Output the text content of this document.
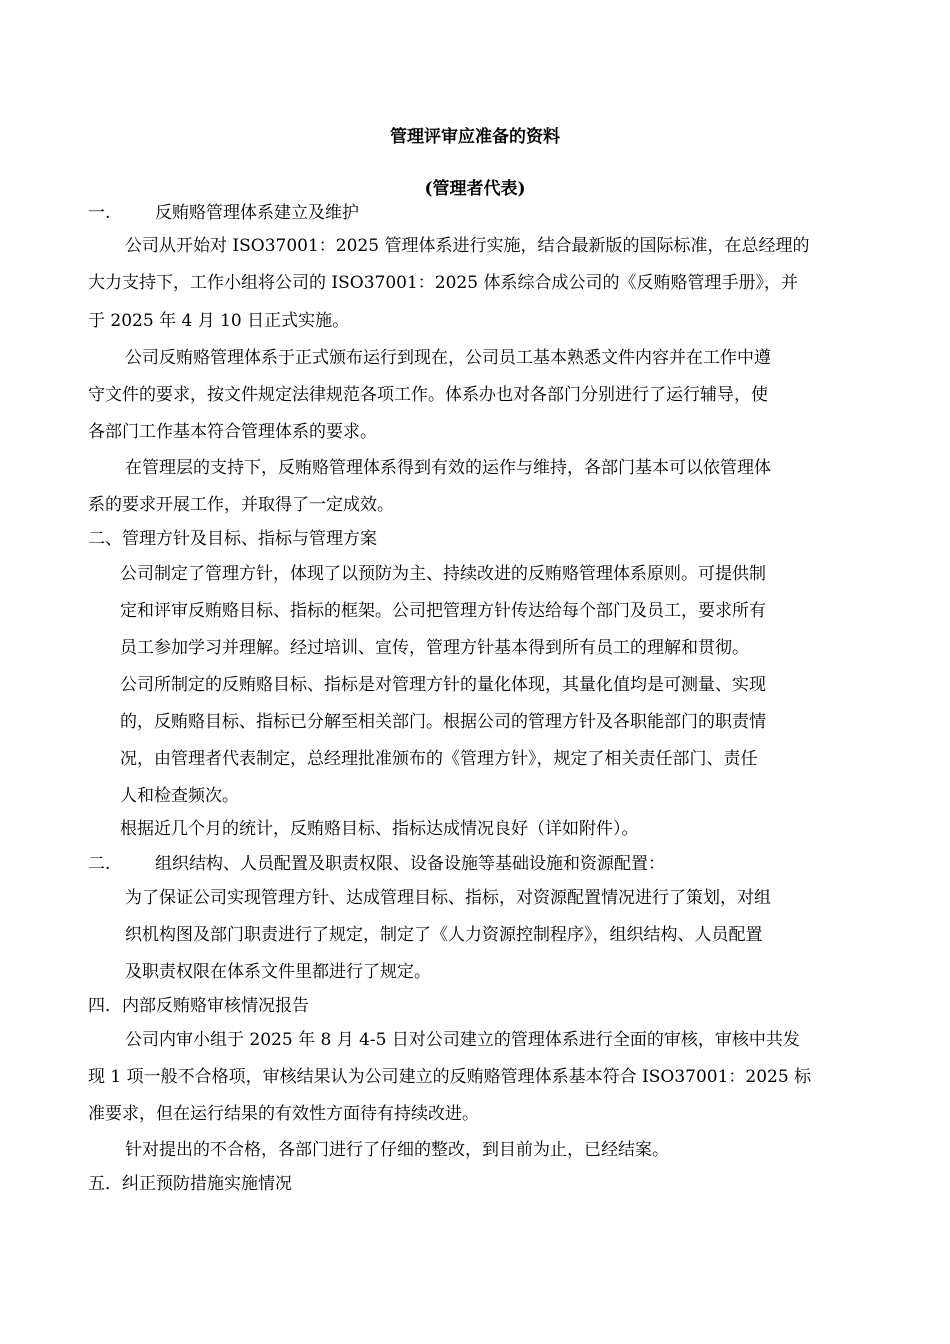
管理评审应准备的资料
(管理者代表)
一.	反贿赂管理体系建立及维护
公司从开始对 ISO37001：2025 管理体系进行实施，结合最新版的国际标准，在总经理的
大力支持下，工作小组将公司的 ISO37001：2025 体系综合成公司的《反贿赂管理手册》，并
于 2025 年 4 月 10 日正式实施。
公司反贿赂管理体系于正式颁布运行到现在，公司员工基本熟悉文件内容并在工作中遵
守文件的要求，按文件规定法律规范各项工作。体系办也对各部门分别进行了运行辅导，使
各部门工作基本符合管理体系的要求。
在管理层的支持下，反贿赂管理体系得到有效的运作与维持，各部门基本可以依管理体
系的要求开展工作，并取得了一定成效。
二、管理方针及目标、指标与管理方案
公司制定了管理方针，体现了以预防为主、持续改进的反贿赂管理体系原则。可提供制
定和评审反贿赂目标、指标的框架。公司把管理方针传达给每个部门及员工，要求所有
员工参加学习并理解。经过培训、宣传，管理方针基本得到所有员工的理解和贯彻。
公司所制定的反贿赂目标、指标是对管理方针的量化体现，其量化值均是可测量、实现
的，反贿赂目标、指标已分解至相关部门。根据公司的管理方针及各职能部门的职责情
况，由管理者代表制定，总经理批准颁布的《管理方针》，规定了相关责任部门、责任
人和检查频次。
根据近几个月的统计，反贿赂目标、指标达成情况良好（详如附件）。
二.	组织结构、人员配置及职责权限、设备设施等基础设施和资源配置：
为了保证公司实现管理方针、达成管理目标、指标，对资源配置情况进行了策划，对组
织机构图及部门职责进行了规定，制定了《人力资源控制程序》，组织结构、人员配置
及职责权限在体系文件里都进行了规定。
四．内部反贿赂审核情况报告
公司内审小组于 2025 年 8 月 4-5 日对公司建立的管理体系进行全面的审核，审核中共发
现 1 项一般不合格项，审核结果认为公司建立的反贿赂管理体系基本符合 ISO37001：2025 标
准要求，但在运行结果的有效性方面待有持续改进。
针对提出的不合格，各部门进行了仔细的整改，到目前为止，已经结案。
五．纠正预防措施实施情况
